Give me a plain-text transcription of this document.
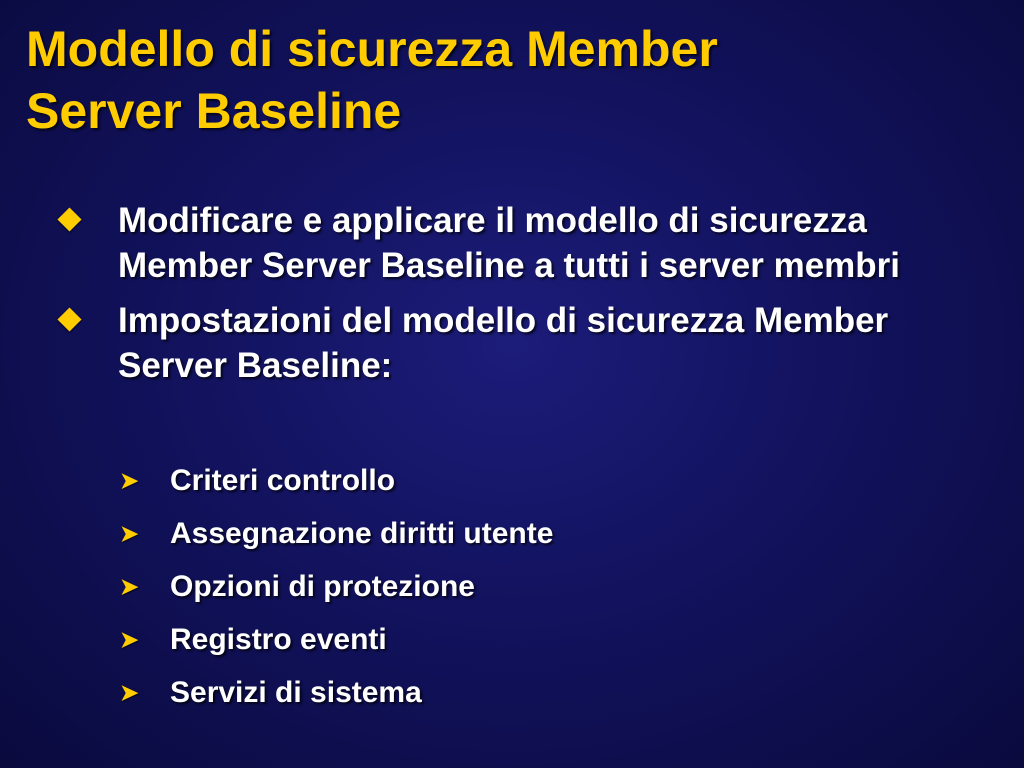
Modello di sicurezza Member
Server Baseline
Modificare e applicare il modello di sicurezza Member Server Baseline a tutti i server membri
Impostazioni del modello di sicurezza Member Server Baseline:
➤ Criteri controllo
➤ Assegnazione diritti utente
➤ Opzioni di protezione
➤ Registro eventi
➤ Servizi di sistema
